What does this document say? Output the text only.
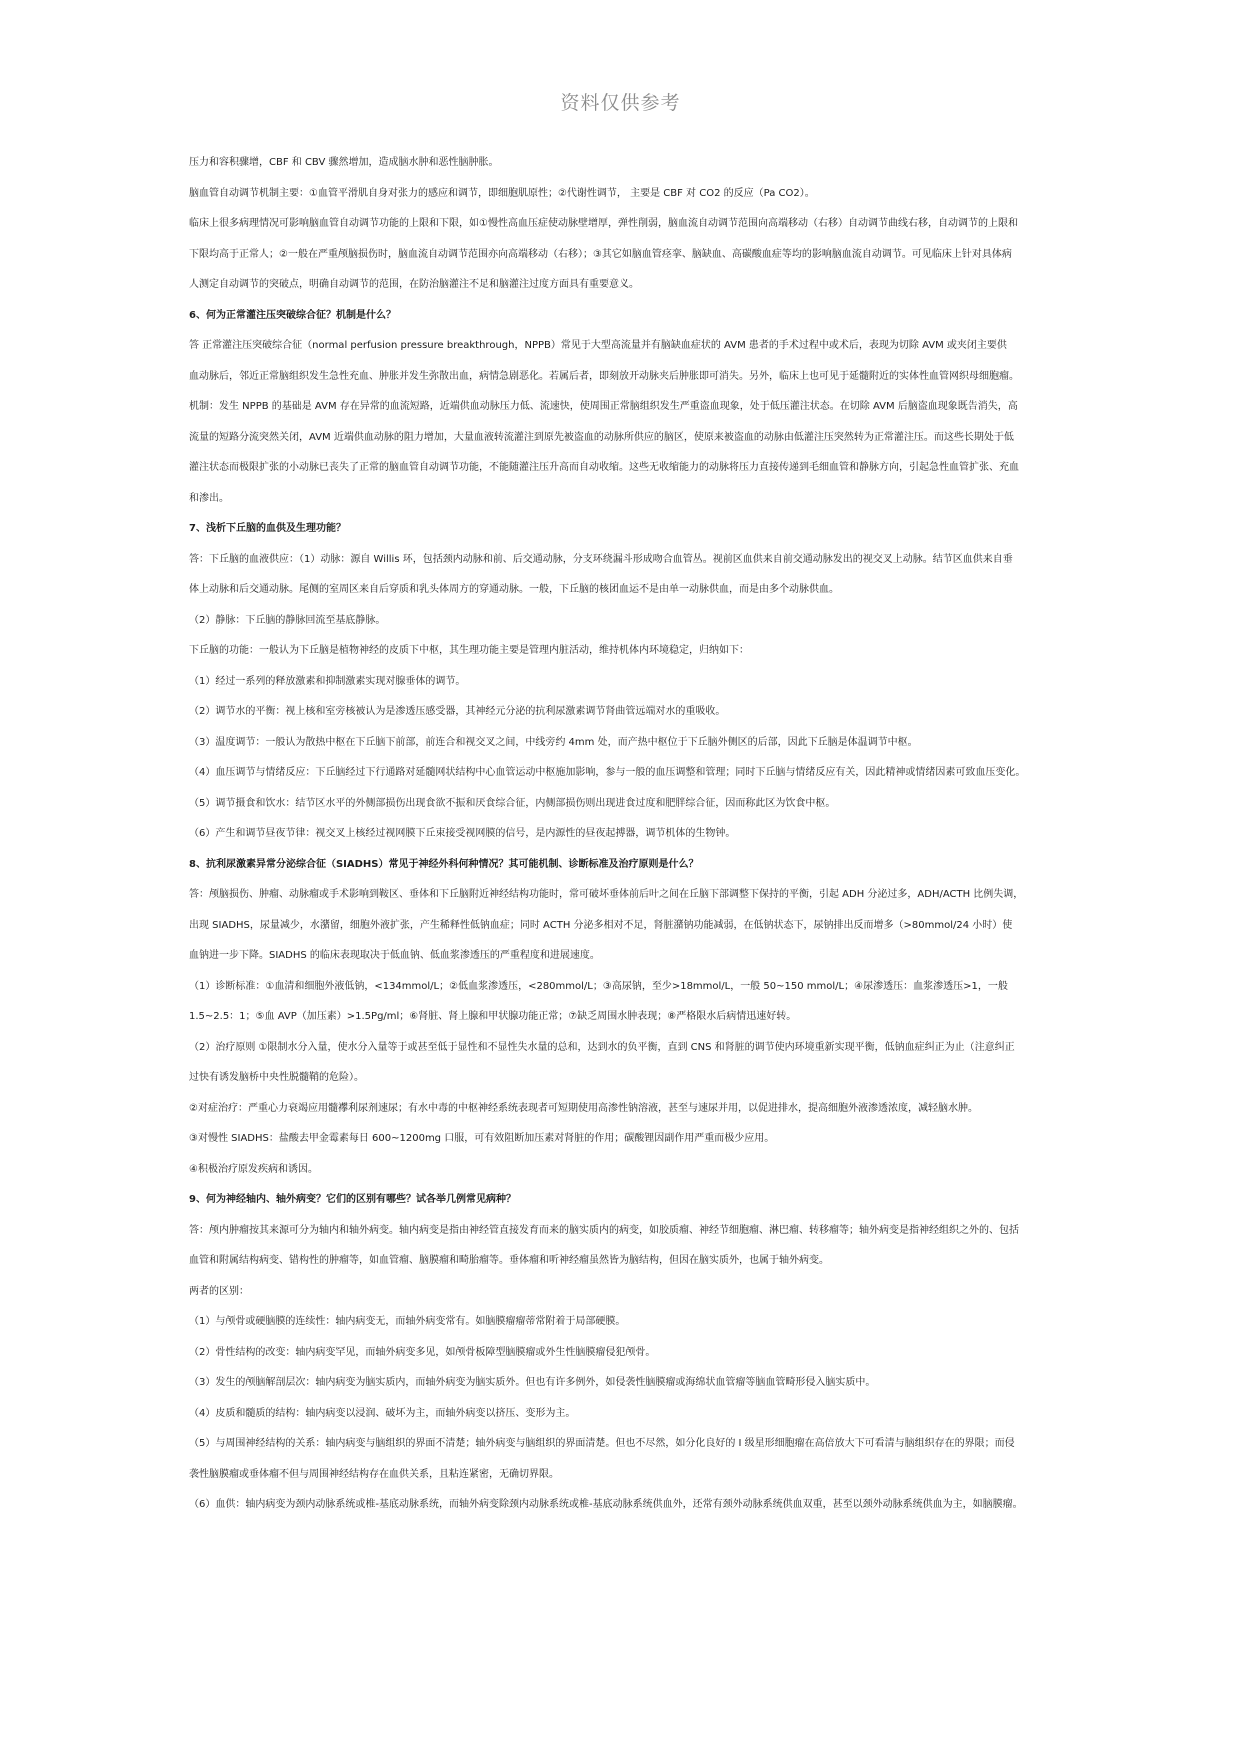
资料仅供参考
压力和容积骤增，CBF 和 CBV 骤然增加，造成脑水肿和恶性脑肿胀。
脑血管自动调节机制主要：①血管平滑肌自身对张力的感应和调节，即细胞肌原性；②代谢性调节， 主要是 CBF 对 CO2 的反应（Pa CO2）。
临床上很多病理情况可影响脑血管自动调节功能的上限和下限，如①慢性高血压症使动脉壁增厚，弹性削弱，脑血流自动调节范围向高端移动（右移）自动调节曲线右移，自动调节的上限和
下限均高于正常人；②一般在严重颅脑损伤时，脑血流自动调节范围亦向高端移动（右移）；③其它如脑血管痉挛、脑缺血、高碳酸血症等均的影响脑血流自动调节。可见临床上针对具体病
人测定自动调节的突破点，明确自动调节的范围，在防治脑灌注不足和脑灌注过度方面具有重要意义。
6、何为正常灌注压突破综合征？机制是什么？
答 正常灌注压突破综合征（normal perfusion pressure breakthrough，NPPB）常见于大型高流量并有脑缺血症状的 AVM 患者的手术过程中或术后，表现为切除 AVM 或夹闭主要供
血动脉后，邻近正常脑组织发生急性充血、肿胀并发生弥散出血，病情急剧恶化。若属后者，即刻放开动脉夹后肿胀即可消失。另外，临床上也可见于延髓附近的实体性血管网织母细胞瘤。
机制：发生 NPPB 的基础是 AVM 存在异常的血流短路，近端供血动脉压力低、流速快，使周围正常脑组织发生严重盗血现象，处于低压灌注状态。在切除 AVM 后脑盗血现象既告消失，高
流量的短路分流突然关闭，AVM 近端供血动脉的阻力增加，大量血液转流灌注到原先被盗血的动脉所供应的脑区，使原来被盗血的动脉由低灌注压突然转为正常灌注压。而这些长期处于低
灌注状态而极限扩张的小动脉已丧失了正常的脑血管自动调节功能，不能随灌注压升高而自动收缩。这些无收缩能力的动脉将压力直接传递到毛细血管和静脉方向，引起急性血管扩张、充血
和渗出。
7、浅析下丘脑的血供及生理功能？
答：下丘脑的血液供应：（1）动脉：源自 Willis 环，包括颈内动脉和前、后交通动脉，分支环绕漏斗形成吻合血管丛。视前区血供来自前交通动脉发出的视交叉上动脉。结节区血供来自垂
体上动脉和后交通动脉。尾侧的室周区来自后穿质和乳头体周方的穿通动脉。一般，下丘脑的核团血运不是由单一动脉供血，而是由多个动脉供血。
（2）静脉：下丘脑的静脉回流至基底静脉。
下丘脑的功能：一般认为下丘脑是植物神经的皮质下中枢，其生理功能主要是管理内脏活动，维持机体内环境稳定，归纳如下：
（1）经过一系列的释放激素和抑制激素实现对腺垂体的调节。
（2）调节水的平衡：视上核和室旁核被认为是渗透压感受器，其神经元分泌的抗利尿激素调节肾曲管远端对水的重吸收。
（3）温度调节：一般认为散热中枢在下丘脑下前部，前连合和视交叉之间，中线旁约 4mm 处，而产热中枢位于下丘脑外侧区的后部，因此下丘脑是体温调节中枢。
（4）血压调节与情绪反应：下丘脑经过下行通路对延髓网状结构中心血管运动中枢施加影响，参与一般的血压调整和管理；同时下丘脑与情绪反应有关，因此精神或情绪因素可致血压变化。
（5）调节摄食和饮水：结节区水平的外侧部损伤出现食欲不振和厌食综合征，内侧部损伤则出现进食过度和肥胖综合征，因而称此区为饮食中枢。
（6）产生和调节昼夜节律：视交叉上核经过视网膜下丘束接受视网膜的信号，是内源性的昼夜起搏器，调节机体的生物钟。
8、抗利尿激素异常分泌综合征（SIADHS）常见于神经外科何种情况？其可能机制、诊断标准及治疗原则是什么？
答：颅脑损伤、肿瘤、动脉瘤或手术影响到鞍区、垂体和下丘脑附近神经结构功能时，常可破坏垂体前后叶之间在丘脑下部调整下保持的平衡，引起 ADH 分泌过多，ADH/ACTH 比例失调，
出现 SIADHS，尿量减少，水潴留，细胞外液扩张，产生稀释性低钠血症；同时 ACTH 分泌多相对不足，肾脏潴钠功能减弱，在低钠状态下，尿钠排出反而增多（>80mmol/24 小时）使
血钠进一步下降。SIADHS 的临床表现取决于低血钠、低血浆渗透压的严重程度和进展速度。
（1）诊断标准：①血清和细胞外液低钠，<134mmol/L；②低血浆渗透压，<280mmol/L；③高尿钠，至少>18mmol/L，一般 50~150 mmol/L；④尿渗透压：血浆渗透压>1，一般
1.5~2.5：1；⑤血 AVP（加压素）>1.5Pg/ml；⑥肾脏、肾上腺和甲状腺功能正常；⑦缺乏周围水肿表现；⑧严格限水后病情迅速好转。
（2）治疗原则 ①限制水分入量，使水分入量等于或甚至低于显性和不显性失水量的总和，达到水的负平衡，直到 CNS 和肾脏的调节使内环境重新实现平衡，低钠血症纠正为止（注意纠正
过快有诱发脑桥中央性脱髓鞘的危险）。
②对症治疗：严重心力衰竭应用髓襻利尿剂速尿；有水中毒的中枢神经系统表现者可短期使用高渗性钠溶液，甚至与速尿并用，以促进排水，提高细胞外液渗透浓度，减轻脑水肿。
③对慢性 SIADHS：盐酸去甲金霉素每日 600~1200mg 口服，可有效阻断加压素对肾脏的作用；碳酸锂因副作用严重而极少应用。
④积极治疗原发疾病和诱因。
9、何为神经轴内、轴外病变？它们的区别有哪些？试各举几例常见病种？
答：颅内肿瘤按其来源可分为轴内和轴外病变。轴内病变是指由神经管直接发育而来的脑实质内的病变，如胶质瘤、神经节细胞瘤、淋巴瘤、转移瘤等；轴外病变是指神经组织之外的、包括
血管和附属结构病变、错构性的肿瘤等，如血管瘤、脑膜瘤和畸胎瘤等。垂体瘤和听神经瘤虽然皆为脑结构，但因在脑实质外，也属于轴外病变。
两者的区别：
（1）与颅骨或硬脑膜的连续性：轴内病变无，而轴外病变常有。如脑膜瘤瘤蒂常附着于局部硬膜。
（2）骨性结构的改变：轴内病变罕见，而轴外病变多见，如颅骨板障型脑膜瘤或外生性脑膜瘤侵犯颅骨。
（3）发生的颅脑解剖层次：轴内病变为脑实质内，而轴外病变为脑实质外。但也有许多例外，如侵袭性脑膜瘤或海绵状血管瘤等脑血管畸形侵入脑实质中。
（4）皮质和髓质的结构：轴内病变以浸润、破坏为主，而轴外病变以挤压、变形为主。
（5）与周围神经结构的关系：轴内病变与脑组织的界面不清楚；轴外病变与脑组织的界面清楚。但也不尽然，如分化良好的 I 级星形细胞瘤在高倍放大下可看清与脑组织存在的界限；而侵
袭性脑膜瘤或垂体瘤不但与周围神经结构存在血供关系，且粘连紧密，无确切界限。
（6）血供：轴内病变为颈内动脉系统或椎-基底动脉系统，而轴外病变除颈内动脉系统或椎-基底动脉系统供血外，还常有颈外动脉系统供血双重，甚至以颈外动脉系统供血为主，如脑膜瘤。
